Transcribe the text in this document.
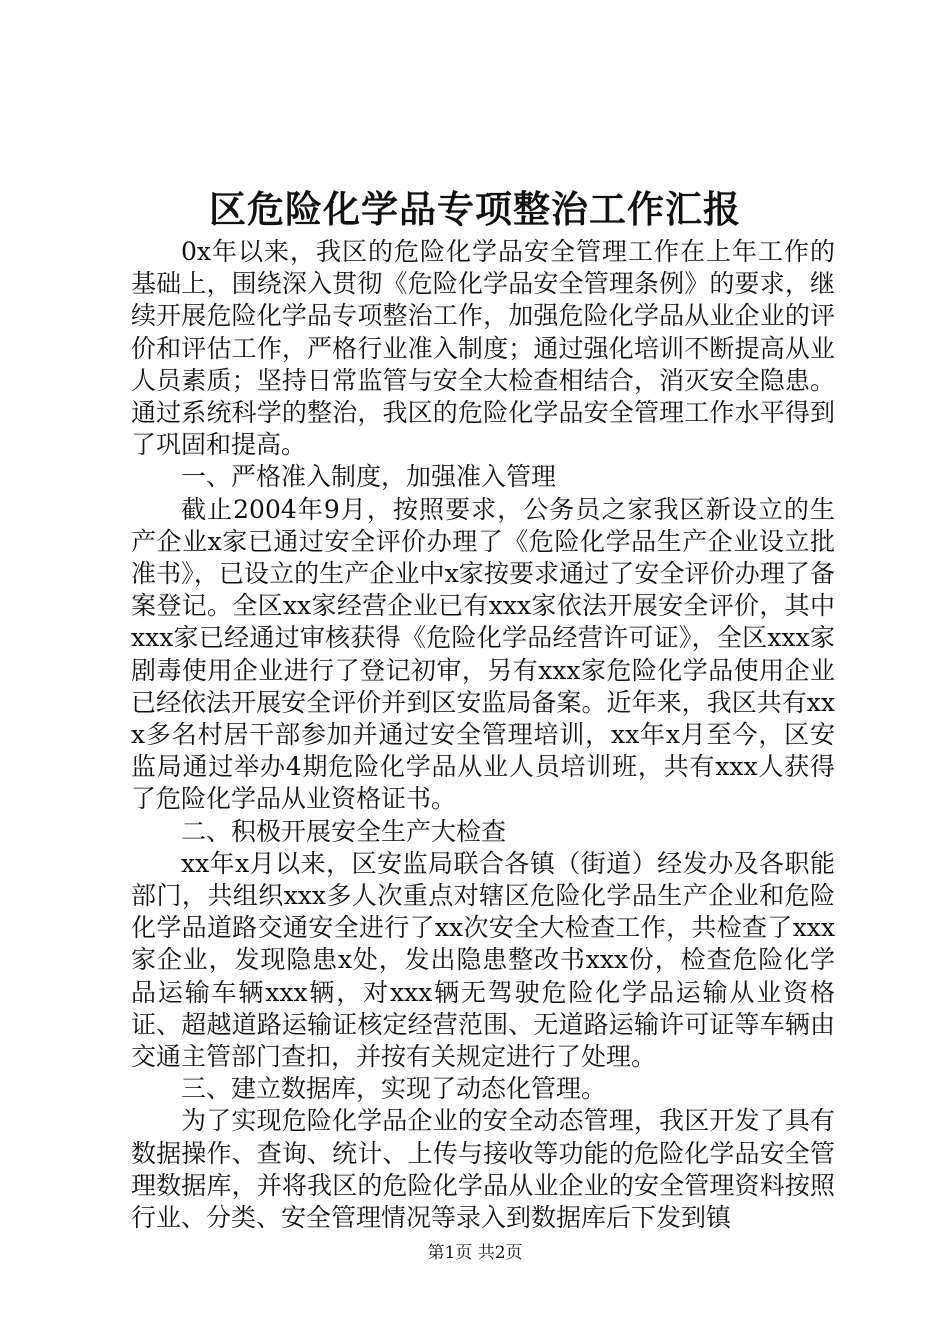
区危险化学品专项整治工作汇报

0x年以来，我区的危险化学品安全管理工作在上年工作的基础上，围绕深入贯彻《危险化学品安全管理条例》的要求，继续开展危险化学品专项整治工作，加强危险化学品从业企业的评价和评估工作，严格行业准入制度；通过强化培训不断提高从业人员素质；坚持日常监管与安全大检查相结合，消灭安全隐患。通过系统科学的整治，我区的危险化学品安全管理工作水平得到了巩固和提高。

一、严格准入制度，加强准入管理

截止2004年9月，按照要求，公务员之家我区新设立的生产企业x家已通过安全评价办理了《危险化学品生产企业设立批准书》，已设立的生产企业中x家按要求通过了安全评价办理了备案登记。全区xx家经营企业已有xxx家依法开展安全评价，其中xxx家已经通过审核获得《危险化学品经营许可证》，全区xxx家剧毒使用企业进行了登记初审，另有xxx家危险化学品使用企业已经依法开展安全评价并到区安监局备案。近年来，我区共有xxx多名村居干部参加并通过安全管理培训，xx年x月至今，区安监局通过举办4期危险化学品从业人员培训班，共有xxx人获得了危险化学品从业资格证书。

二、积极开展安全生产大检查

xx年x月以来，区安监局联合各镇（街道）经发办及各职能部门，共组织xxx多人次重点对辖区危险化学品生产企业和危险化学品道路交通安全进行了xx次安全大检查工作，共检查了xxx家企业，发现隐患x处，发出隐患整改书xxx份，检查危险化学品运输车辆xxx辆，对xxx辆无驾驶危险化学品运输从业资格证、超越道路运输证核定经营范围、无道路运输许可证等车辆由交通主管部门查扣，并按有关规定进行了处理。

三、建立数据库，实现了动态化管理。

为了实现危险化学品企业的安全动态管理，我区开发了具有数据操作、查询、统计、上传与接收等功能的危险化学品安全管理数据库，并将我区的危险化学品从业企业的安全管理资料按照行业、分类、安全管理情况等录入到数据库后下发到镇

第1页 共2页
